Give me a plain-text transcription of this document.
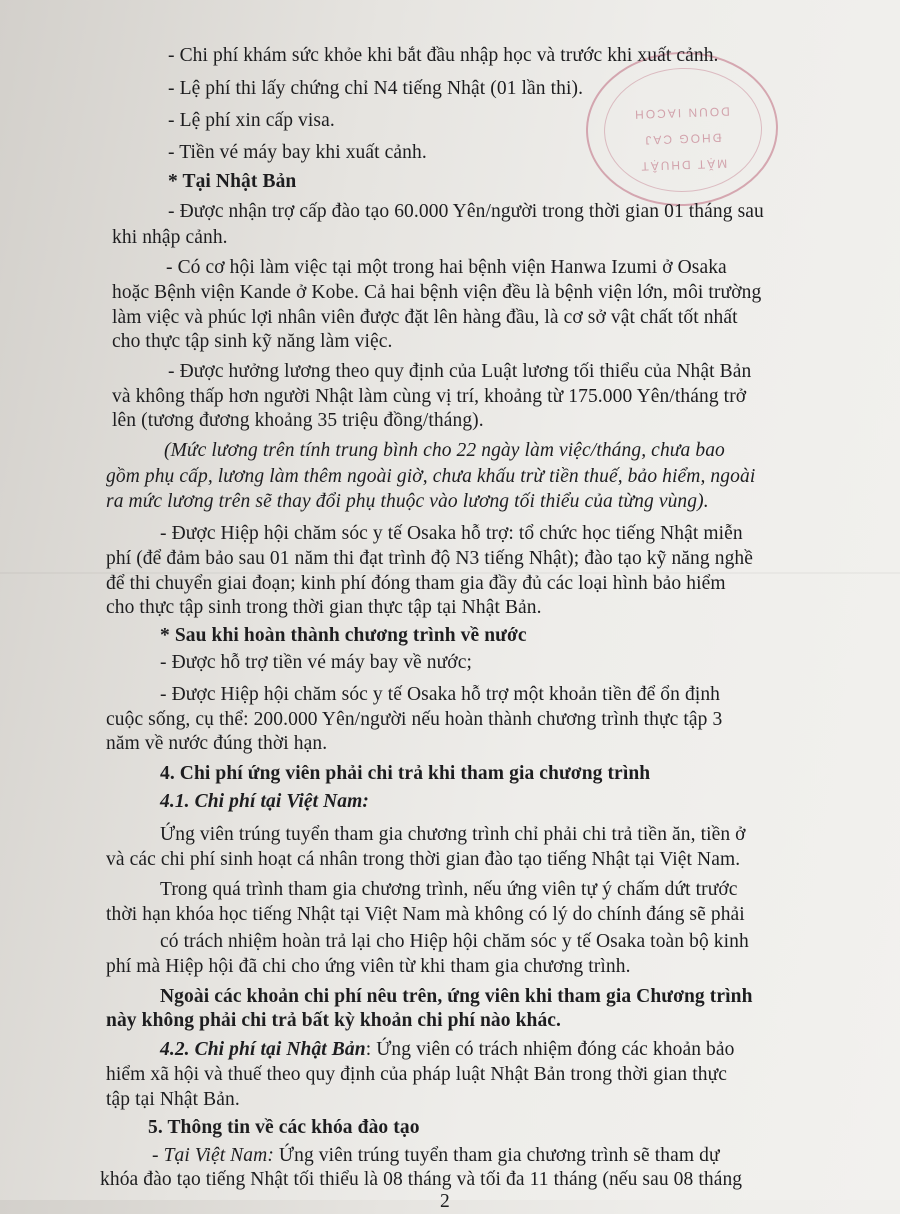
MẶT DHUẬT
ĐHOG CAJ
DOUN IACOH
- Chi phí khám sức khỏe khi bắt đầu nhập học và trước khi xuất cảnh.
- Lệ phí thi lấy chứng chỉ N4 tiếng Nhật (01 lần thi).
- Lệ phí xin cấp visa.
- Tiền vé máy bay khi xuất cảnh.
* Tại Nhật Bản
- Được nhận trợ cấp đào tạo 60.000 Yên/người trong thời gian 01 tháng sau
khi nhập cảnh.
- Có cơ hội làm việc tại một trong hai bệnh viện Hanwa Izumi ở Osaka
hoặc Bệnh viện Kande ở Kobe. Cả hai bệnh viện đều là bệnh viện lớn, môi trường
làm việc và phúc lợi nhân viên được đặt lên hàng đầu, là cơ sở vật chất tốt nhất
cho thực tập sinh kỹ năng làm việc.
- Được hưởng lương theo quy định của Luật lương tối thiểu của Nhật Bản
và không thấp hơn người Nhật làm cùng vị trí, khoảng từ 175.000 Yên/tháng trở
lên (tương đương khoảng 35 triệu đồng/tháng).
(Mức lương trên tính trung bình cho 22 ngày làm việc/tháng, chưa bao
gồm phụ cấp, lương làm thêm ngoài giờ, chưa khấu trừ tiền thuế, bảo hiểm, ngoài
ra mức lương trên sẽ thay đổi phụ thuộc vào lương tối thiểu của từng vùng).
- Được Hiệp hội chăm sóc y tế Osaka hỗ trợ: tổ chức học tiếng Nhật miễn
phí (để đảm bảo sau 01 năm thi đạt trình độ N3 tiếng Nhật); đào tạo kỹ năng nghề
để thi chuyển giai đoạn; kinh phí đóng tham gia đầy đủ các loại hình bảo hiểm
cho thực tập sinh trong thời gian thực tập tại Nhật Bản.
* Sau khi hoàn thành chương trình về nước
- Được hỗ trợ tiền vé máy bay về nước;
- Được Hiệp hội chăm sóc y tế Osaka hỗ trợ một khoản tiền để ổn định
cuộc sống, cụ thể: 200.000 Yên/người nếu hoàn thành chương trình thực tập 3
năm về nước đúng thời hạn.
4. Chi phí ứng viên phải chi trả khi tham gia chương trình
4.1. Chi phí tại Việt Nam:
Ứng viên trúng tuyển tham gia chương trình chỉ phải chi trả tiền ăn, tiền ở
và các chi phí sinh hoạt cá nhân trong thời gian đào tạo tiếng Nhật tại Việt Nam.
Trong quá trình tham gia chương trình, nếu ứng viên tự ý chấm dứt trước
thời hạn khóa học tiếng Nhật tại Việt Nam mà không có lý do chính đáng sẽ phải
có trách nhiệm hoàn trả lại cho Hiệp hội chăm sóc y tế Osaka toàn bộ kinh
phí mà Hiệp hội đã chi cho ứng viên từ khi tham gia chương trình.
Ngoài các khoản chi phí nêu trên, ứng viên khi tham gia Chương trình
này không phải chi trả bất kỳ khoản chi phí nào khác.
4.2. Chi phí tại Nhật Bản: Ứng viên có trách nhiệm đóng các khoản bảo
hiểm xã hội và thuế theo quy định của pháp luật Nhật Bản trong thời gian thực
tập tại Nhật Bản.
5. Thông tin về các khóa đào tạo
- Tại Việt Nam: Ứng viên trúng tuyển tham gia chương trình sẽ tham dự
khóa đào tạo tiếng Nhật tối thiểu là 08 tháng và tối đa 11 tháng (nếu sau 08 tháng
2
